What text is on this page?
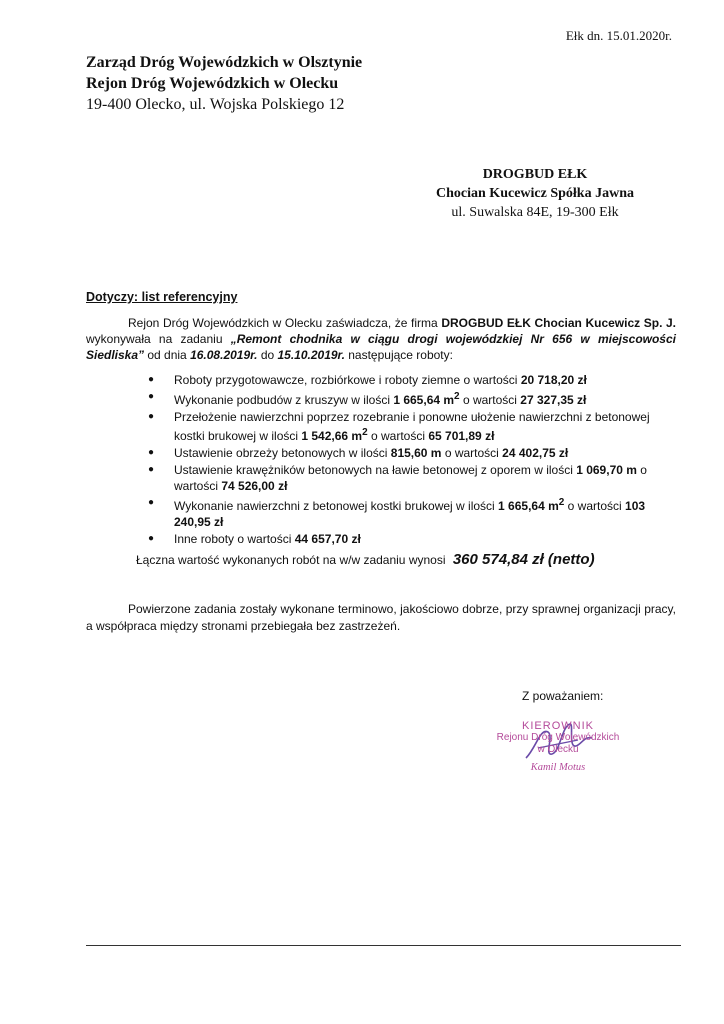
Ełk dn. 15.01.2020r.
Zarząd Dróg Wojewódzkich w Olsztynie
Rejon Dróg Wojewódzkich w Olecku
19-400 Olecko, ul. Wojska Polskiego 12
DROGBUD EŁK
Chocian Kucewicz Spółka Jawna
ul. Suwalska 84E, 19-300 Ełk
Dotyczy: list referencyjny
Rejon Dróg Wojewódzkich w Olecku zaświadcza, że firma DROGBUD EŁK Chocian Kucewicz Sp. J. wykonywała na zadaniu „Remont chodnika w ciągu drogi wojewódzkiej Nr 656 w miejscowości Siedliska” od dnia 16.08.2019r. do 15.10.2019r. następujące roboty:
● Roboty przygotowawcze, rozbiórkowe i roboty ziemne o wartości 20 718,20 zł
● Wykonanie podbudów z kruszyw w ilości 1 665,64 $m^2$ o wartości 27 327,35 zł
● Przełożenie nawierzchni poprzez rozebranie i ponowne ułożenie nawierzchni z betonowej kostki brukowej w ilości 1 542,66 $m^2$ o wartości 65 701,89 zł
● Ustawienie obrzeży betonowych w ilości 815,60 m o wartości 24 402,75 zł
● Ustawienie krawężników betonowych na ławie betonowej z oporem w ilości 1 069,70 m o wartości 74 526,00 zł
● Wykonanie nawierzchni z betonowej kostki brukowej w ilości 1 665,64 $m^2$ o wartości 103 240,95 zł
● Inne roboty o wartości 44 657,70 zł
Łączna wartość wykonanych robót na w/w zadaniu wynosi 360 574,84 zł (netto)
Powierzone zadania zostały wykonane terminowo, jakościowo dobrze, przy sprawnej organizacji pracy, a współpraca między stronami przebiegała bez zastrzeżeń.
Z poważaniem:
KIEROWNIK
Rejonu Dróg Wojewódzkich
w Olecku
Kamil Motus
